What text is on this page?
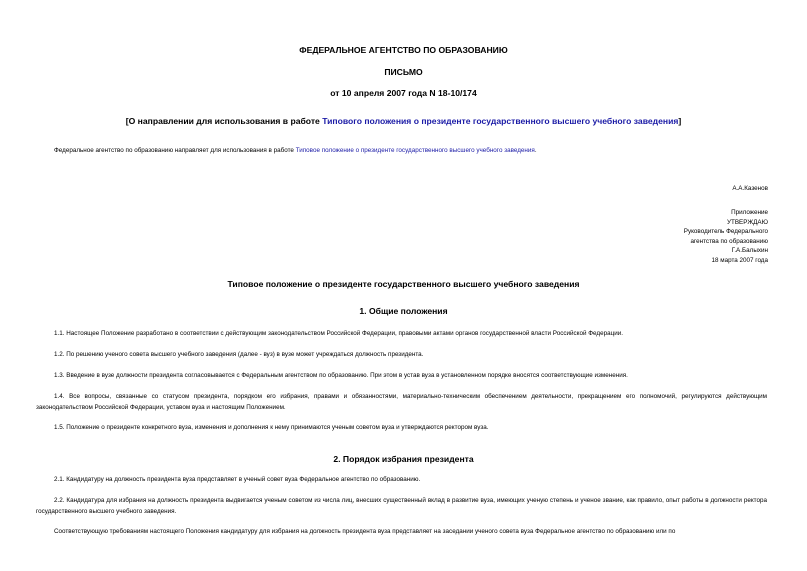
ФЕДЕРАЛЬНОЕ АГЕНТСТВО ПО ОБРАЗОВАНИЮ
ПИСЬМО
от 10 апреля 2007 года N 18-10/174
[О направлении для использования в работе Типового положения о президенте государственного высшего учебного заведения]
Федеральное агентство по образованию направляет для использования в работе Типовое положение о президенте государственного высшего учебного заведения.
А.А.Казенов
Приложение
УТВЕРЖДАЮ
Руководитель Федерального
агентства по образованию
Г.А.Балыхин
18 марта 2007 года
Типовое положение о президенте государственного высшего учебного заведения
1. Общие положения
1.1. Настоящее Положение разработано в соответствии с действующим законодательством Российской Федерации, правовыми актами органов государственной власти Российской Федерации.
1.2. По решению ученого совета высшего учебного заведения (далее - вуз) в вузе может учреждаться должность президента.
1.3. Введение в вузе должности президента согласовывается с Федеральным агентством по образованию. При этом в устав вуза в установленном порядке вносятся соответствующие изменения.
1.4. Все вопросы, связанные со статусом президента, порядком его избрания, правами и обязанностями, материально-техническим обеспечением деятельности, прекращением его полномочий, регулируются действующим законодательством Российской Федерации, уставом вуза и настоящим Положением.
1.5. Положение о президенте конкретного вуза, изменения и дополнения к нему принимаются ученым советом вуза и утверждаются ректором вуза.
2. Порядок избрания президента
2.1. Кандидатуру на должность президента вуза представляет в ученый совет вуза Федеральное агентство по образованию.
2.2. Кандидатура для избрания на должность президента выдвигается ученым советом из числа лиц, внесших существенный вклад в развитие вуза, имеющих ученую степень и ученое звание, как правило, опыт работы в должности ректора государственного высшего учебного заведения.
Соответствующую требованиям настоящего Положения кандидатуру для избрания на должность президента вуза представляет на заседании ученого совета вуза Федеральное агентство по образованию или по
